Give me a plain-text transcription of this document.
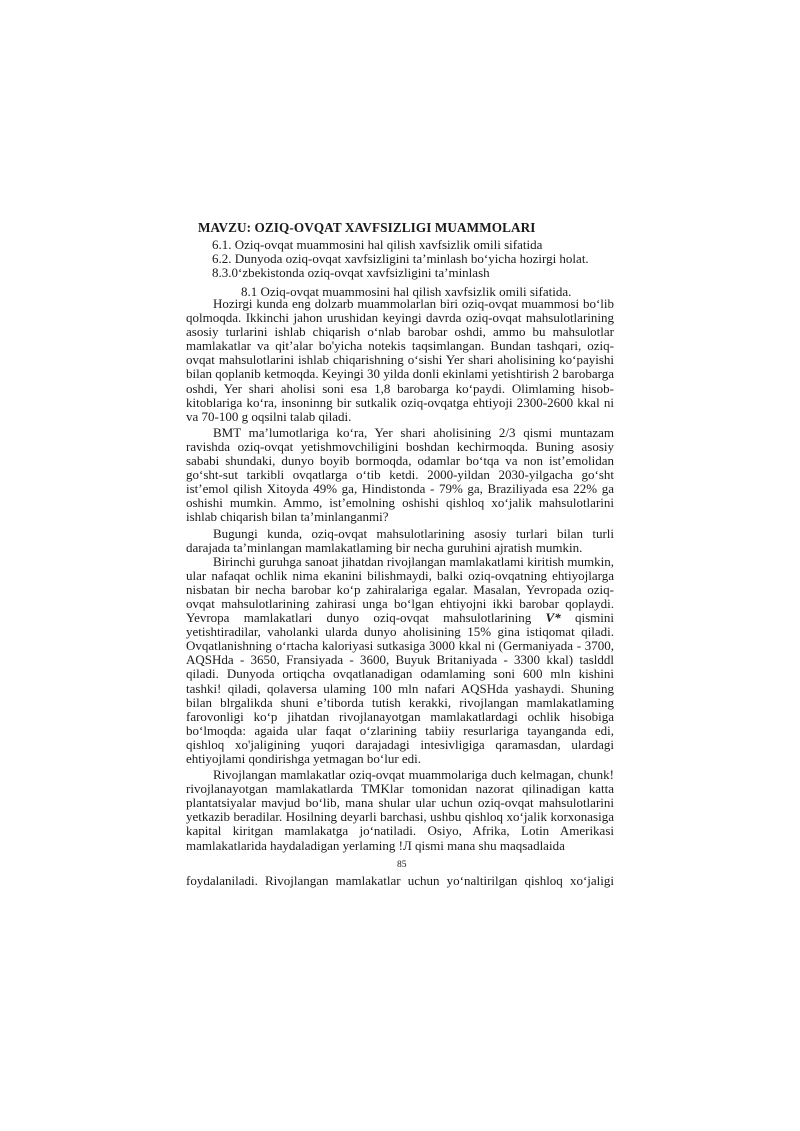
MAVZU: OZIQ-OVQAT XAVFSIZLIGI MUAMMOLARI
6.1. Oziq-ovqat muammosini hal qilish xavfsizlik omili sifatida
6.2. Dunyoda oziq-ovqat xavfsizligini ta’minlash bo‘yicha hozirgi holat.
8.3.0‘zbekistonda oziq-ovqat xavfsizligini ta’minlash
8.1 Oziq-ovqat muammosini hal qilish xavfsizlik omili sifatida.

Hozirgi kunda eng dolzarb muammolarlan biri oziq-ovqat muammosi bo‘lib qolmoqda. Ikkinchi jahon urushidan keyingi davrda oziq-ovqat mahsulotlarining asosiy turlarini ishlab chiqarish o‘nlab barobar oshdi, ammo bu mahsulotlar mamlakatlar va qit’alar bo'yicha notekis taqsimlangan. Bundan tashqari, oziq-ovqat mahsulotlarini ishlab chiqarishning o‘sishi Yer shari aholisining ko‘payishi bilan qoplanib ketmoqda. Keyingi 30 yilda donli ekinlami yetishtirish 2 barobarga oshdi, Yer shari aholisi soni esa 1,8 barobarga ko‘paydi. Olimlaming hisob-kitoblariga ko‘ra, insoninng bir sutkalik oziq-ovqatga ehtiyoji 2300-2600 kkal ni va 70-100 g oqsilni talab qiladi.

BMT ma’lumotlariga ko‘ra, Yer shari aholisining 2/3 qismi muntazam ravishda oziq-ovqat yetishmovchiligini boshdan kechirmoqda. Buning asosiy sababi shundaki, dunyo boyib bormoqda, odamlar bo‘tqa va non ist’emolidan go‘sht-sut tarkibli ovqatlarga o‘tib ketdi. 2000-yildan 2030-yilgacha go‘sht ist’emol qilish Xitoyda 49% ga, Hindistonda - 79% ga, Braziliyada esa 22% ga oshishi mumkin. Ammo, ist’emolning oshishi qishloq xo‘jalik mahsulotlarini ishlab chiqarish bilan ta’minlanganmi?

Bugungi kunda, oziq-ovqat mahsulotlarining asosiy turlari bilan turli darajada ta’minlangan mamlakatlaming bir necha guruhini ajratish mumkin.

Birinchi guruhga sanoat jihatdan rivojlangan mamlakatlami kiritish mumkin, ular nafaqat ochlik nima ekanini bilishmaydi, balki oziq-ovqatning ehtiyojlarga nisbatan bir necha barobar ko‘p zahiralariga egalar. Masalan, Yevropada oziq-ovqat mahsulotlarining zahirasi unga bo‘lgan ehtiyojni ikki barobar qoplaydi. Yevropa mamlakatlari dunyo oziq-ovqat mahsulotlarining V* qismini yetishtiradilar, vaholanki ularda dunyo aholisining 15% gina istiqomat qiladi. Ovqatlanishning o‘rtacha kaloriyasi sutkasiga 3000 kkal ni (Germaniyada - 3700, AQSHda - 3650, Fransiyada - 3600, Buyuk Britaniyada - 3300 kkal) taslddl qiladi. Dunyoda ortiqcha ovqatlanadigan odamlaming soni 600 mln kishini tashki! qiladi, qolaversa ulaming 100 mln nafari AQSHda yashaydi. Shuning bilan blrgalikda shuni e’tiborda tutish kerakki, rivojlangan mamlakatlaming farovonligi ko‘p jihatdan rivojlanayotgan mamlakatlardagi ochlik hisobiga bo‘lmoqda: agaida ular faqat o‘zlarining tabiiy resurlariga tayanganda edi, qishloq xo'jaligining yuqori darajadagi intesivligiga qaramasdan, ulardagi ehtiyojlami qondirishga yetmagan bo‘lur edi.

Rivojlangan mamlakatlar oziq-ovqat muammolariga duch kelmagan, chunk! rivojlanayotgan mamlakatlarda TMKlar tomonidan nazorat qilinadigan katta plantatsiyalar mavjud bo‘lib, mana shular ular uchun oziq-ovqat mahsulotlarini yetkazib beradilar. Hosilning deyarli barchasi, ushbu qishloq xo‘jalik korxonasiga kapital kiritgan mamlakatga jo‘natiladi. Osiyo, Afrika, Lotin Amerikasi mamlakatlarida haydaladigan yerlaming !Л qismi mana shu maqsadlaida

85
foydalaniladi. Rivojlangan mamlakatlar uchun yo‘naltirilgan qishloq xo‘jaligi
